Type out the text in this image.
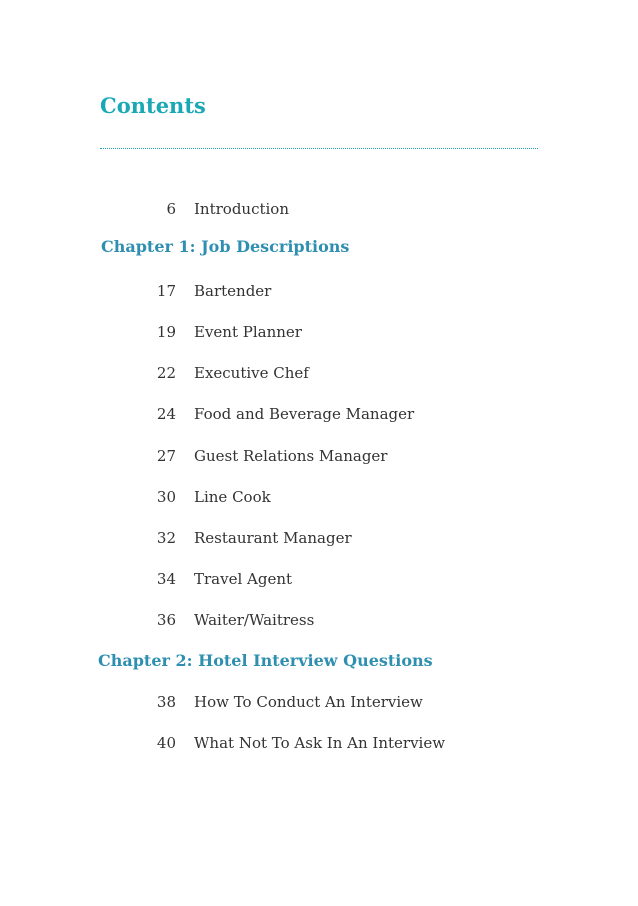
Contents
6 Introduction
Chapter 1: Job Descriptions
17 Bartender
19 Event Planner
22 Executive Chef
24 Food and Beverage Manager
27 Guest Relations Manager
30 Line Cook
32 Restaurant Manager
34 Travel Agent
36 Waiter/Waitress
Chapter 2: Hotel Interview Questions
38 How To Conduct An Interview
40 What Not To Ask In An Interview
